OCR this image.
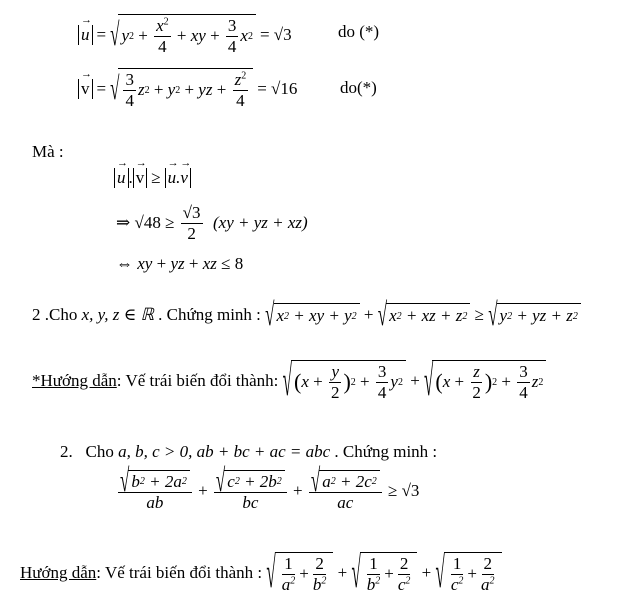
→ u = √ y $2 + \frac{x^2}{4}$ + xy + $\frac{3}{4}$ x 2 = √3	do (*)
→ v = √ $\frac{3}{4}$ z 2 + y 2 + yz + $\frac{z^2}{4} = √16$	do(*)
Mà :
→ u . → v ≥ → u.→ v
⇒ $√48 \ge \frac{√3}{2} (xy$ + yz + xz)
⇔ xy + yz + xz ≤ 8
2 .Cho
x, y, z ∈ ℝ
. Chứng minh :
√ x 2 + xy + y 2 + √ x 2 + xz + z 2 ≥ √ y 2 + yz + z 2
*Hướng dẫn : Vế trái biến đổi thành:
√ ( $x + \frac{y}{2}$ ) $2 + \frac{3}{4}$ y 2 + √ ( $x + \frac{z}{2}$ ) $2 + \frac{3}{4}$ z 2
2.
Cho
a, b, c > 0, ab + bc + ac = abc
. Chứng minh :
$\frac{√ b 2 + 2a 2}{ab} + \frac{√ c 2 + 2b 2}{bc} + \frac{√ a 2 + 2c 2}{ac} \ge √3$
Hướng dẫn : Vế trái biến đổi thành :
√ $\frac{1}{a^2} + \frac{2}{b^2}$ + √ $\frac{1}{b^2} + \frac{2}{c^2}$ + √ $\frac{1}{c^2} + \frac{2}{a^2}$
